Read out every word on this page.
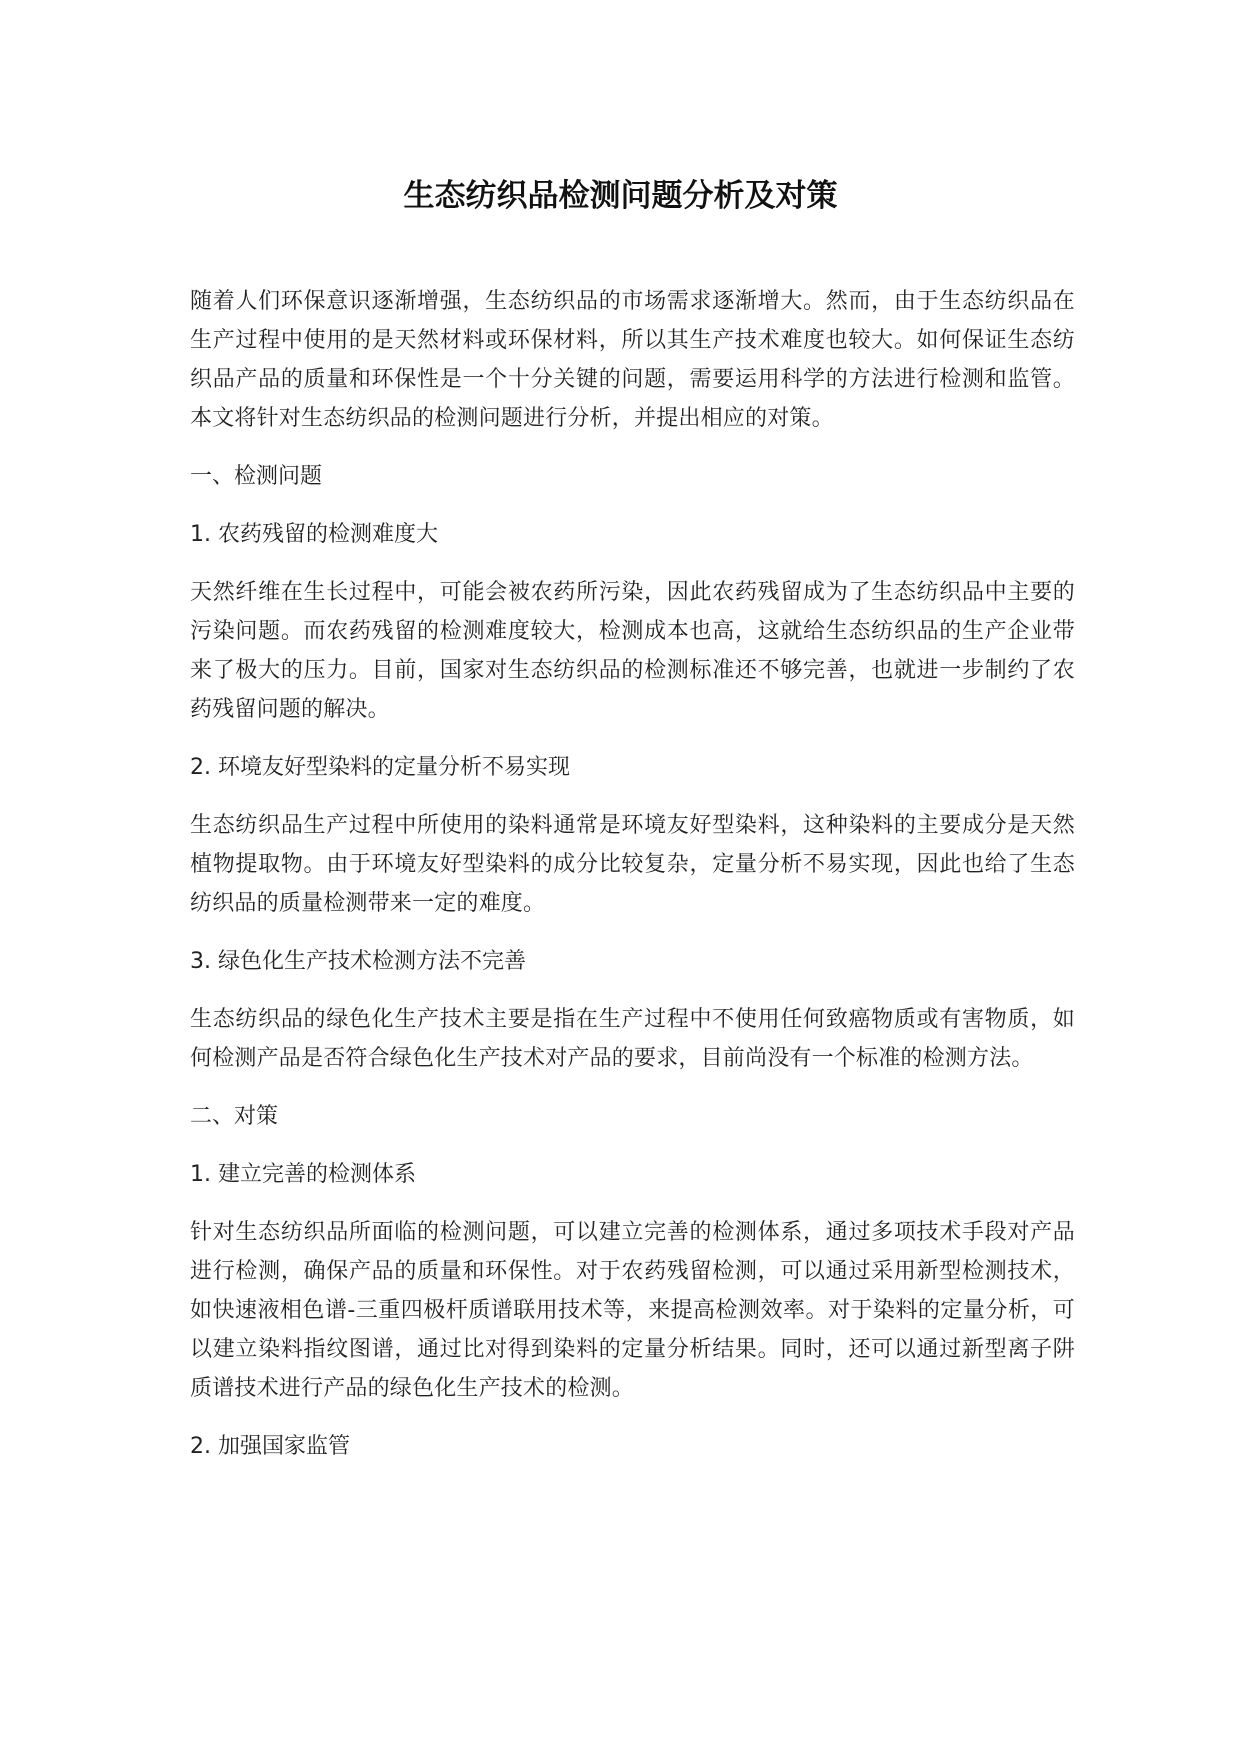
生态纺织品检测问题分析及对策

随着人们环保意识逐渐增强，生态纺织品的市场需求逐渐增大。然而，由于生态纺织品在生产过程中使用的是天然材料或环保材料，所以其生产技术难度也较大。如何保证生态纺织品产品的质量和环保性是一个十分关键的问题，需要运用科学的方法进行检测和监管。本文将针对生态纺织品的检测问题进行分析，并提出相应的对策。

一、检测问题

1. 农药残留的检测难度大

天然纤维在生长过程中，可能会被农药所污染，因此农药残留成为了生态纺织品中主要的污染问题。而农药残留的检测难度较大，检测成本也高，这就给生态纺织品的生产企业带来了极大的压力。目前，国家对生态纺织品的检测标准还不够完善，也就进一步制约了农药残留问题的解决。

2. 环境友好型染料的定量分析不易实现

生态纺织品生产过程中所使用的染料通常是环境友好型染料，这种染料的主要成分是天然植物提取物。由于环境友好型染料的成分比较复杂，定量分析不易实现，因此也给了生态纺织品的质量检测带来一定的难度。

3. 绿色化生产技术检测方法不完善

生态纺织品的绿色化生产技术主要是指在生产过程中不使用任何致癌物质或有害物质，如何检测产品是否符合绿色化生产技术对产品的要求，目前尚没有一个标准的检测方法。

二、对策

1. 建立完善的检测体系

针对生态纺织品所面临的检测问题，可以建立完善的检测体系，通过多项技术手段对产品进行检测，确保产品的质量和环保性。对于农药残留检测，可以通过采用新型检测技术，如快速液相色谱-三重四极杆质谱联用技术等，来提高检测效率。对于染料的定量分析，可以建立染料指纹图谱，通过比对得到染料的定量分析结果。同时，还可以通过新型离子阱质谱技术进行产品的绿色化生产技术的检测。

2. 加强国家监管
